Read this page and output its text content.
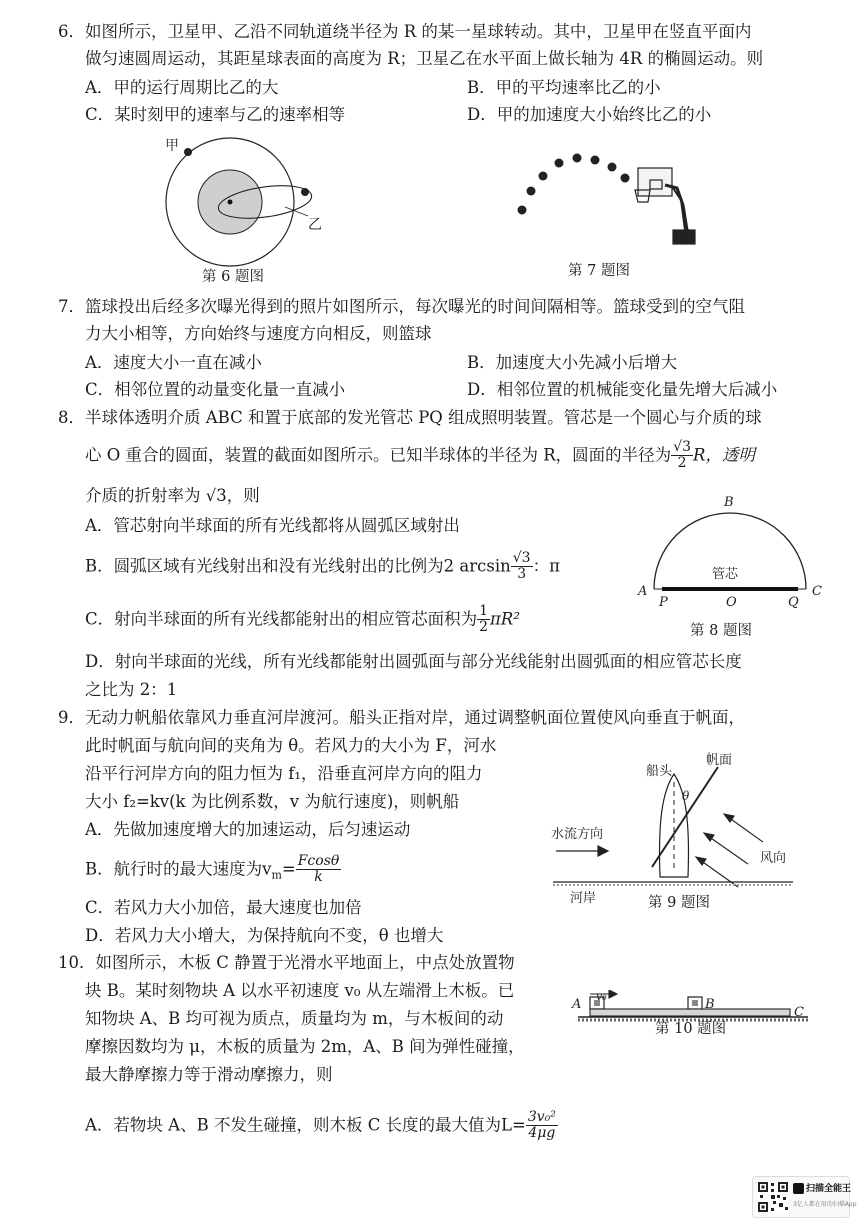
6．如图所示，卫星甲、乙沿不同轨道绕半径为 R 的某一星球转动。其中，卫星甲在竖直平面内
做匀速圆周运动，其距星球表面的高度为 R；卫星乙在水平面上做长轴为 4R 的椭圆运动。则
A．甲的运行周期比乙的大	B．甲的平均速率比乙的小
C．某时刻甲的速率与乙的速率相等	D．甲的加速度大小始终比乙的小
甲
乙
第 6 题图	第 7 题图
7．篮球投出后经多次曝光得到的照片如图所示，每次曝光的时间间隔相等。篮球受到的空气阻
力大小相等，方向始终与速度方向相反，则篮球
A．速度大小一直在减小	B．加速度大小先减小后增大
C．相邻位置的动量变化量一直减小	D．相邻位置的机械能变化量先增大后减小
8．半球体透明介质 ABC 和置于底部的发光管芯 PQ 组成照明装置。管芯是一个圆心与介质的球
心 O 重合的圆面，装置的截面如图所示。已知半球体的半径为 R，圆面的半径为 $\frac{√3}{2}$ R，透明
介质的折射率为 √3，则
A．管芯射向半球面的所有光线都将从圆弧区域射出
B．圆弧区域有光线射出和没有光线射出的比例为2 $\arcsin \frac{√3}{3}$ ：π
C．射向半球面的所有光线都能射出的相应管芯面积为 $\frac{1}{2} \pi R^2$
D．射向半球面的光线，所有光线都能射出圆弧面与部分光线能射出圆弧面的相应管芯长度
之比为 2：1
B
管芯
A
P	O	Q
C
第 8 题图
9．无动力帆船依靠风力垂直河岸渡河。船头正指对岸，通过调整帆面位置使风向垂直于帆面，
此时帆面与航向间的夹角为 θ。若风力的大小为 F，河水
沿平行河岸方向的阻力恒为 f₁，沿垂直河岸方向的阻力
大小 f₂=kv(k 为比例系数，v 为航行速度)，则帆船
A．先做加速度增大的加速运动，后匀速运动
B．航行时的最大速度为$v_m= \frac{Fcos\theta}{k}$
C．若风力大小加倍，最大速度也加倍
D．若风力大小增大，为保持航向不变，θ 也增大
船头
帆面
θ
水流方向
风向
河岸	第 9 题图
10．如图所示，木板 C 静置于光滑水平地面上，中点处放置物
块 B。某时刻物块 A 以水平初速度 v₀ 从左端滑上木板。已
知物块 A、B 均可视为质点，质量均为 m，与木板间的动
摩擦因数均为 μ，木板的质量为 2m，A、B 间为弹性碰撞，
最大静摩擦力等于滑动摩擦力，则
A．若物块 A、B 不发生碰撞，则木板 C 长度的最大值为$L= \frac{\text{3v₀²}}{4\mu g}$
v₀
A	B
C
第 10 题图
扫描全能王
3亿人都在用的扫描App
